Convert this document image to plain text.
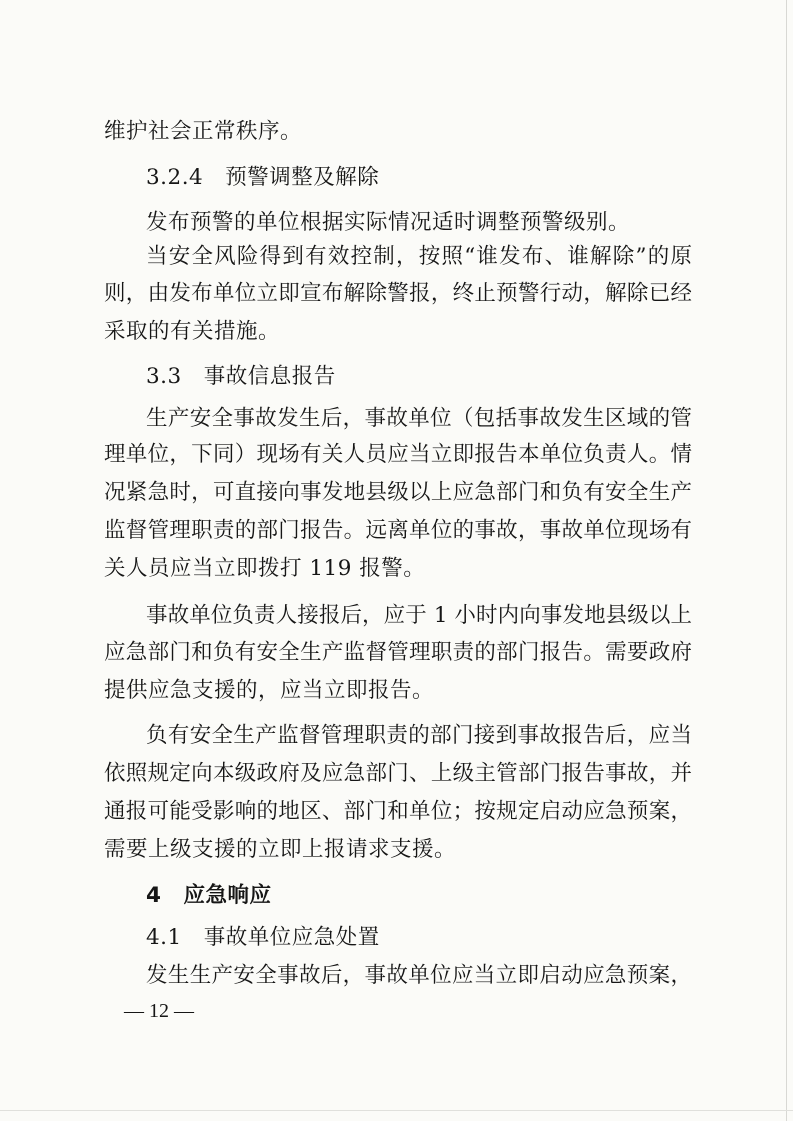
维护社会正常秩序。
3.2.4　预警调整及解除
发布预警的单位根据实际情况适时调整预警级别。
当安全风险得到有效控制，按照“谁发布、谁解除”的原
则，由发布单位立即宣布解除警报，终止预警行动，解除已经
采取的有关措施。
3.3　事故信息报告
生产安全事故发生后，事故单位（包括事故发生区域的管
理单位，下同）现场有关人员应当立即报告本单位负责人。情
况紧急时，可直接向事发地县级以上应急部门和负有安全生产
监督管理职责的部门报告。远离单位的事故，事故单位现场有
关人员应当立即拨打 119 报警。
事故单位负责人接报后，应于 1 小时内向事发地县级以上
应急部门和负有安全生产监督管理职责的部门报告。需要政府
提供应急支援的，应当立即报告。
负有安全生产监督管理职责的部门接到事故报告后，应当
依照规定向本级政府及应急部门、上级主管部门报告事故，并
通报可能受影响的地区、部门和单位；按规定启动应急预案，
需要上级支援的立即上报请求支援。
4　应急响应
4.1　事故单位应急处置
发生生产安全事故后，事故单位应当立即启动应急预案，
— 12 —
